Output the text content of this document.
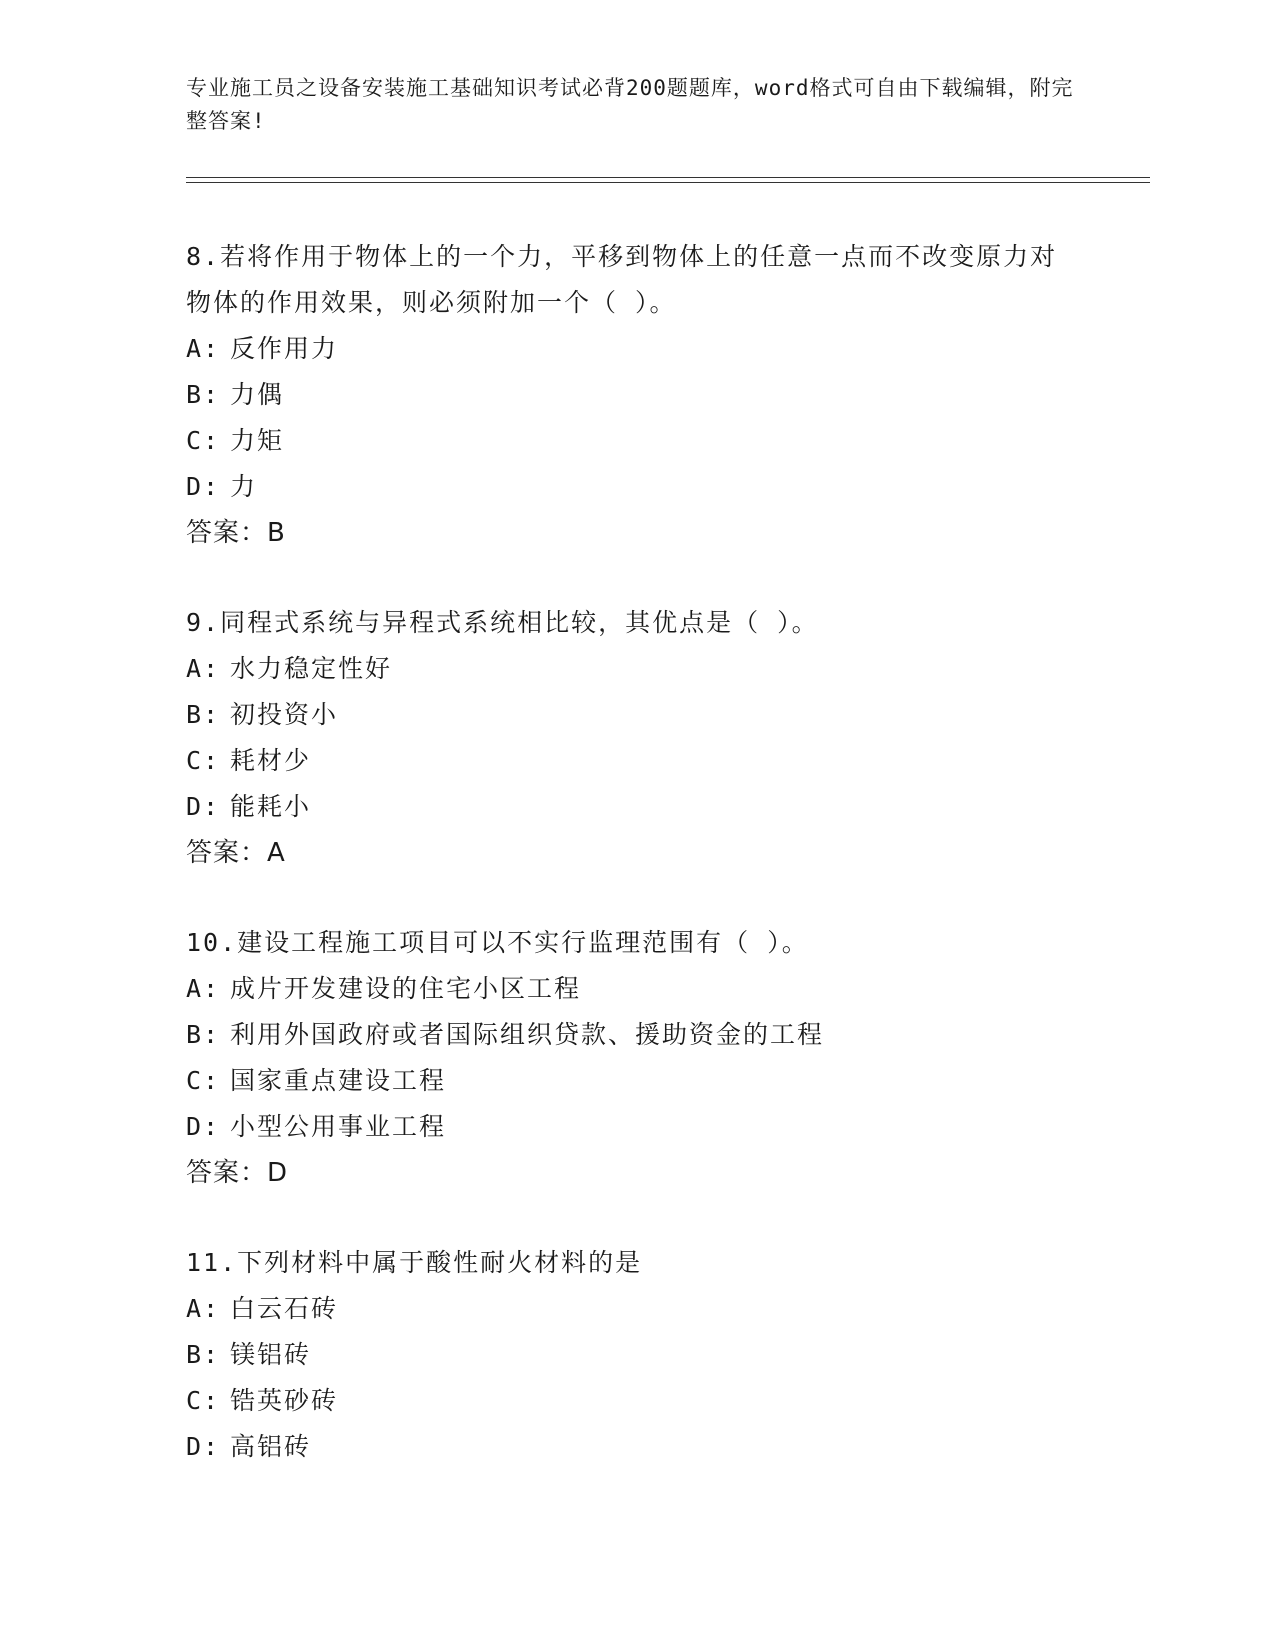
专业施工员之设备安装施工基础知识考试必背200题题库，word格式可自由下载编辑，附完整答案!
8.若将作用于物体上的一个力，平移到物体上的任意一点而不改变原力对物体的作用效果，则必须附加一个（ ）。
A: 反作用力
B: 力偶
C: 力矩
D: 力
答案：B
9.同程式系统与异程式系统相比较，其优点是（ ）。
A: 水力稳定性好
B: 初投资小
C: 耗材少
D: 能耗小
答案：A
10.建设工程施工项目可以不实行监理范围有（ ）。
A: 成片开发建设的住宅小区工程
B: 利用外国政府或者国际组织贷款、援助资金的工程
C: 国家重点建设工程
D: 小型公用事业工程
答案：D
11.下列材料中属于酸性耐火材料的是
A: 白云石砖
B: 镁铝砖
C: 锆英砂砖
D: 高铝砖
